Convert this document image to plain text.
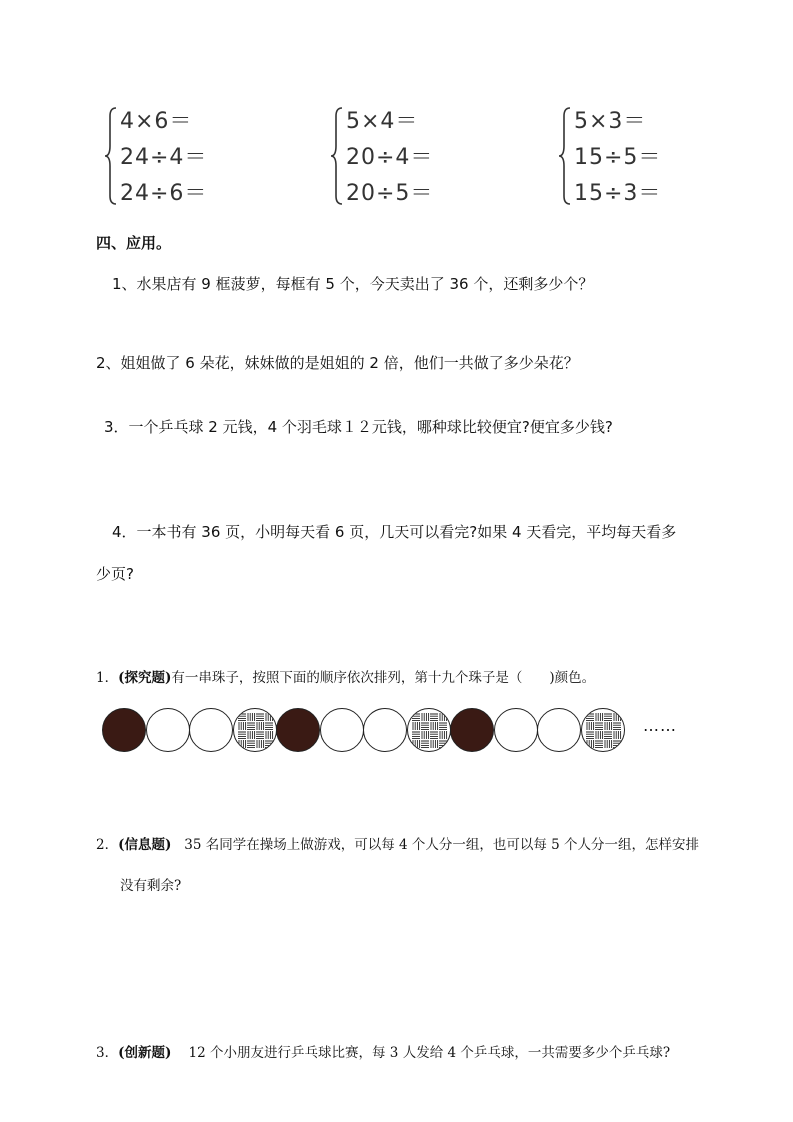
4×6＝
24÷4＝
24÷6＝
5×4＝
20÷4＝
20÷5＝
5×3＝
15÷5＝
15÷3＝
四、应用。
1、水果店有 9 框菠萝，每框有 5 个，今天卖出了 36 个，还剩多少个？
2、姐姐做了 6 朵花，妹妹做的是姐姐的 2 倍，他们一共做了多少朵花？
3．一个乒乓球 2 元钱，4 个羽毛球１２元钱，哪种球比较便宜?便宜多少钱?
4．一本书有 36 页，小明每天看 6 页，几天可以看完?如果 4 天看完，平均每天看多
少页?
1．(探究题)有一串珠子，按照下面的顺序依次排列，第十九个珠子是（　　)颜色。
……
2．(信息题) 35 名同学在操场上做游戏，可以每 4 个人分一组，也可以每 5 个人分一组，怎样安排
没有剩余?
3．(创新题) 12 个小朋友进行乒乓球比赛，每 3 人发给 4 个乒乓球，一共需要多少个乒乓球?
